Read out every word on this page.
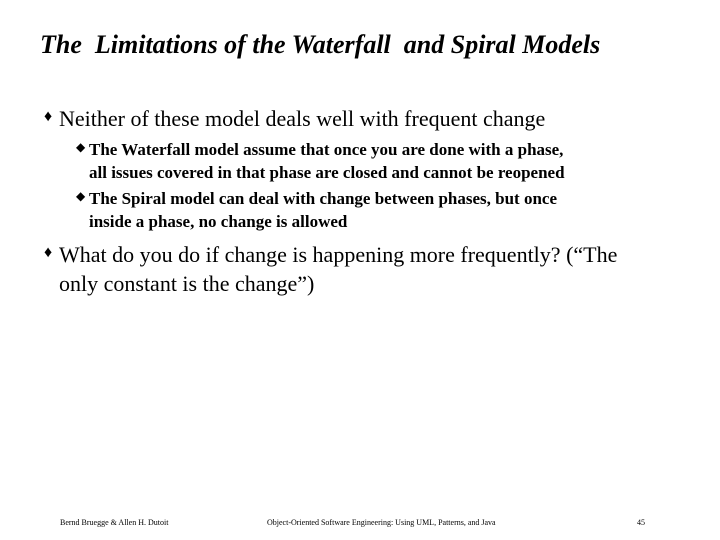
The  Limitations of the Waterfall  and Spiral Models
♦ Neither of these model deals well with frequent change
◆ The Waterfall model assume that once you are done with a phase,
all issues covered in that phase are closed and cannot be reopened
◆ The Spiral model can deal with change between phases, but once
inside a phase, no change is allowed
♦ What do you do if change is happening more frequently? (“The
only constant is the change”)
Bernd Bruegge & Allen H. Dutoit	Object-Oriented Software Engineering: Using UML, Patterns, and Java	45
